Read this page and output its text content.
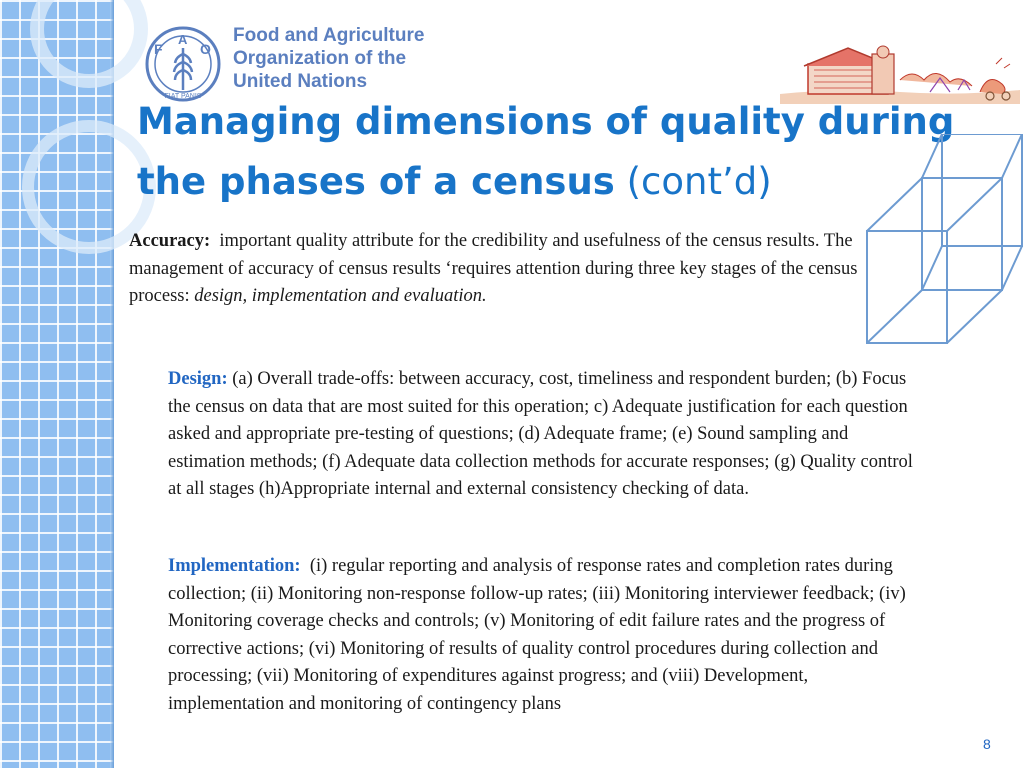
F
A
O
FIAT PANIS
Food and Agriculture
Organization of the
United Nations
Managing dimensions of quality during the phases of a census (cont’d)
Accuracy: important quality attribute for the credibility and usefulness of the census results. The management of accuracy of census results ‘requires attention during three key stages of the census process: design, implementation and evaluation.
Design: (a) Overall trade-offs: between accuracy, cost, timeliness and respondent burden; (b) Focus the census on data that are most suited for this operation; c) Adequate justification for each question asked and appropriate pre-testing of questions; (d) Adequate frame; (e) Sound sampling and estimation methods; (f) Adequate data collection methods for accurate responses; (g) Quality control at all stages (h)Appropriate internal and external consistency checking of data.
Implementation: (i) regular reporting and analysis of response rates and completion rates during collection; (ii) Monitoring non-response follow-up rates; (iii) Monitoring interviewer feedback; (iv) Monitoring coverage checks and controls; (v) Monitoring of edit failure rates and the progress of corrective actions; (vi) Monitoring of results of quality control procedures during collection and processing; (vii) Monitoring of expenditures against progress; and (viii) Development, implementation and monitoring of contingency plans
8
